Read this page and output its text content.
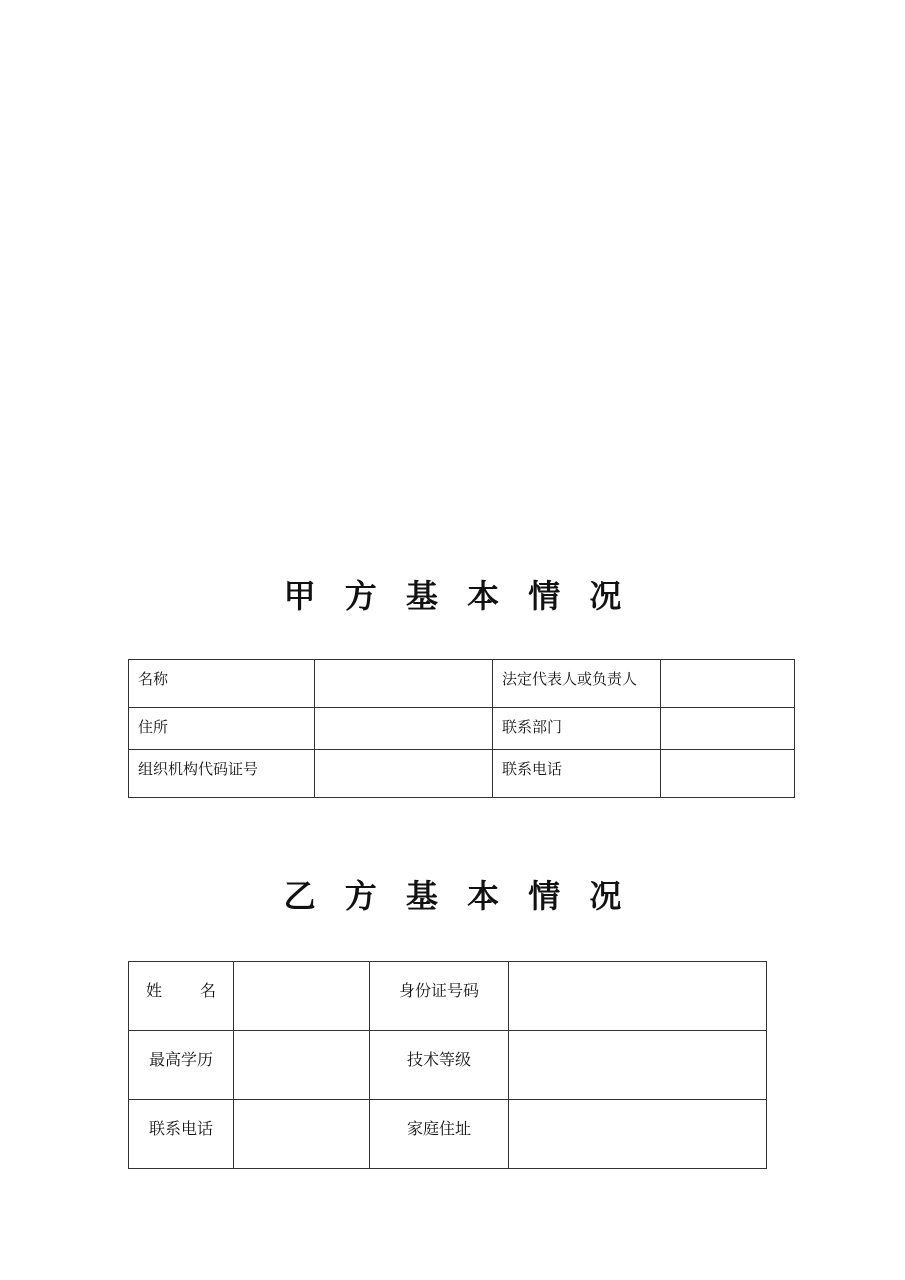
甲 方 基 本 情 况
名称		法定代表人或负责人	
住所		联系部门	
组织机构代码证号		联系电话	
乙 方 基 本 情 况
姓　　名		身份证号码	
最高学历		技术等级	
联系电话		家庭住址	
